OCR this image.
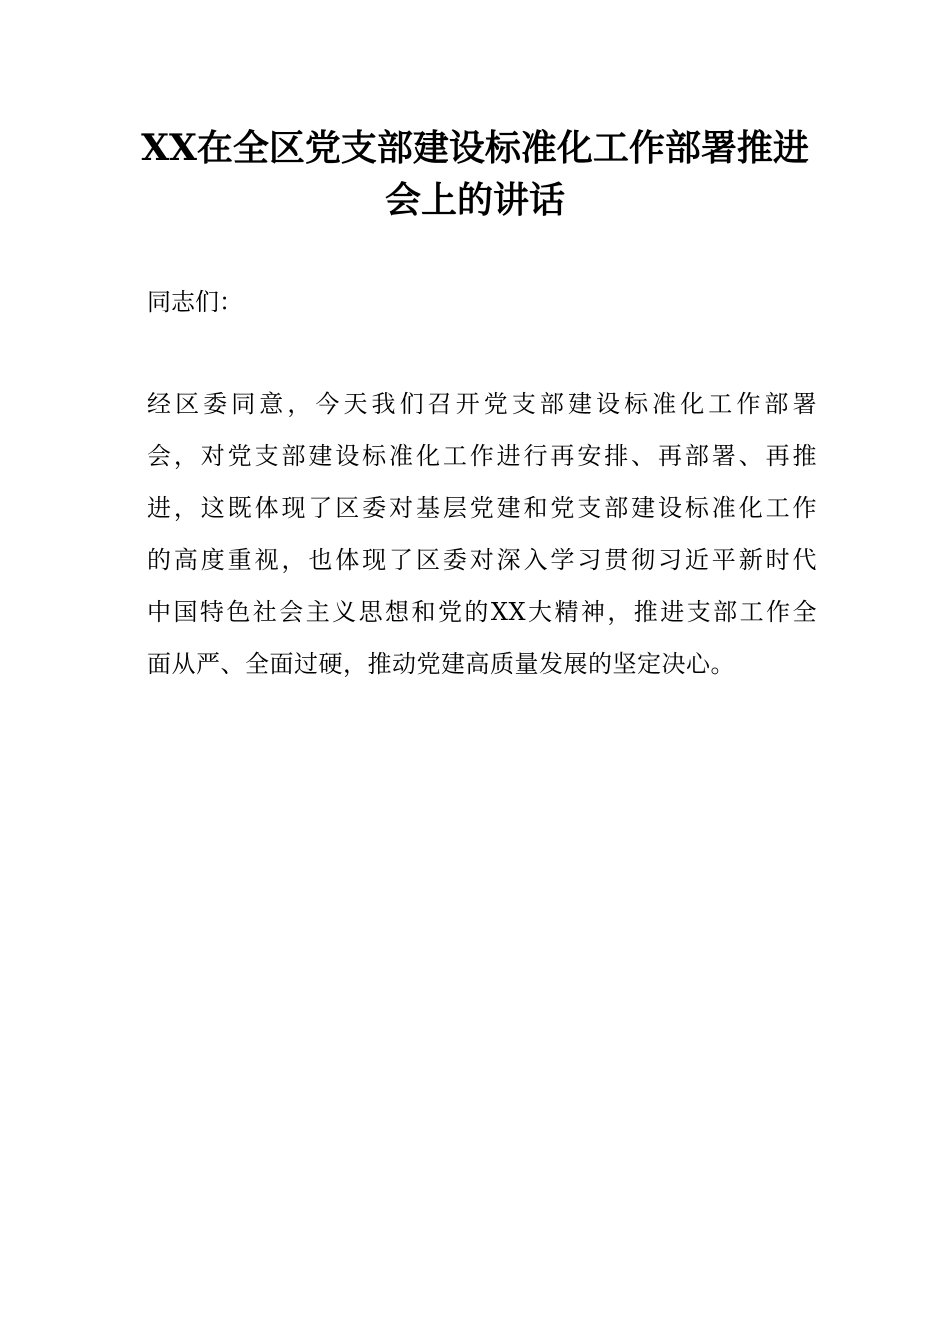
XX在全区党支部建设标准化工作部署推进
会上的讲话
同志们：
经区委同意，今天我们召开党支部建设标准化工作部署
会，对党支部建设标准化工作进行再安排、再部署、再推
进，这既体现了区委对基层党建和党支部建设标准化工作
的高度重视，也体现了区委对深入学习贯彻习近平新时代
中国特色社会主义思想和党的XX大精神，推进支部工作全
面从严、全面过硬，推动党建高质量发展的坚定决心。
